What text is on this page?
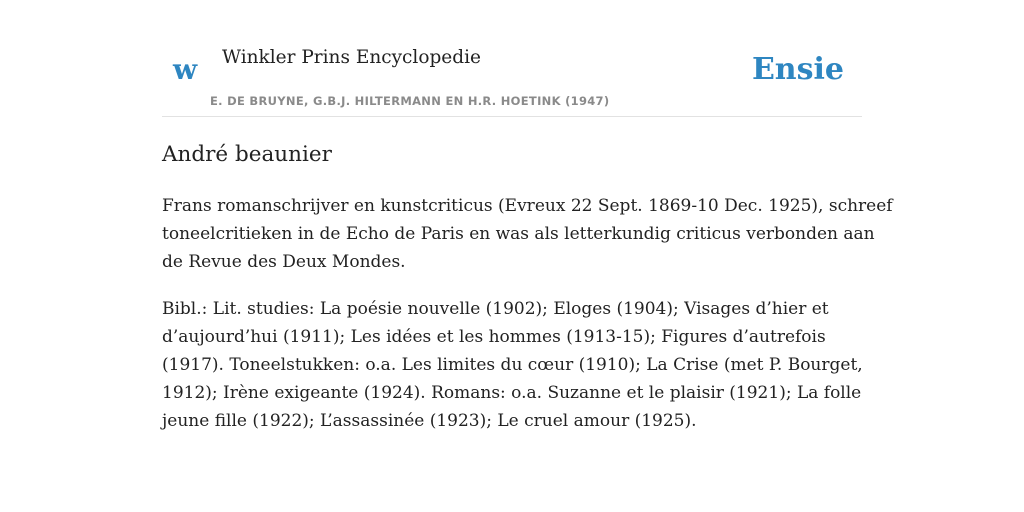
w Winkler Prins Encyclopedie
E. DE BRUYNE, G.B.J. HILTERMANN EN H.R. HOETINK (1947)
Ensie
André beaunier

Frans romanschrijver en kunstcriticus (Evreux 22 Sept. 1869-10 Dec. 1925), schreef
toneelcritieken in de Echo de Paris en was als letterkundig criticus verbonden aan
de Revue des Deux Mondes.

Bibl.: Lit. studies: La poésie nouvelle (1902); Eloges (1904); Visages d’hier et
d’aujourd’hui (1911); Les idées et les hommes (1913-15); Figures d’autrefois
(1917). Toneelstukken: o.a. Les limites du cœur (1910); La Crise (met P. Bourget,
1912); Irène exigeante (1924). Romans: o.a. Suzanne et le plaisir (1921); La folle
jeune fille (1922); L’assassinée (1923); Le cruel amour (1925).
